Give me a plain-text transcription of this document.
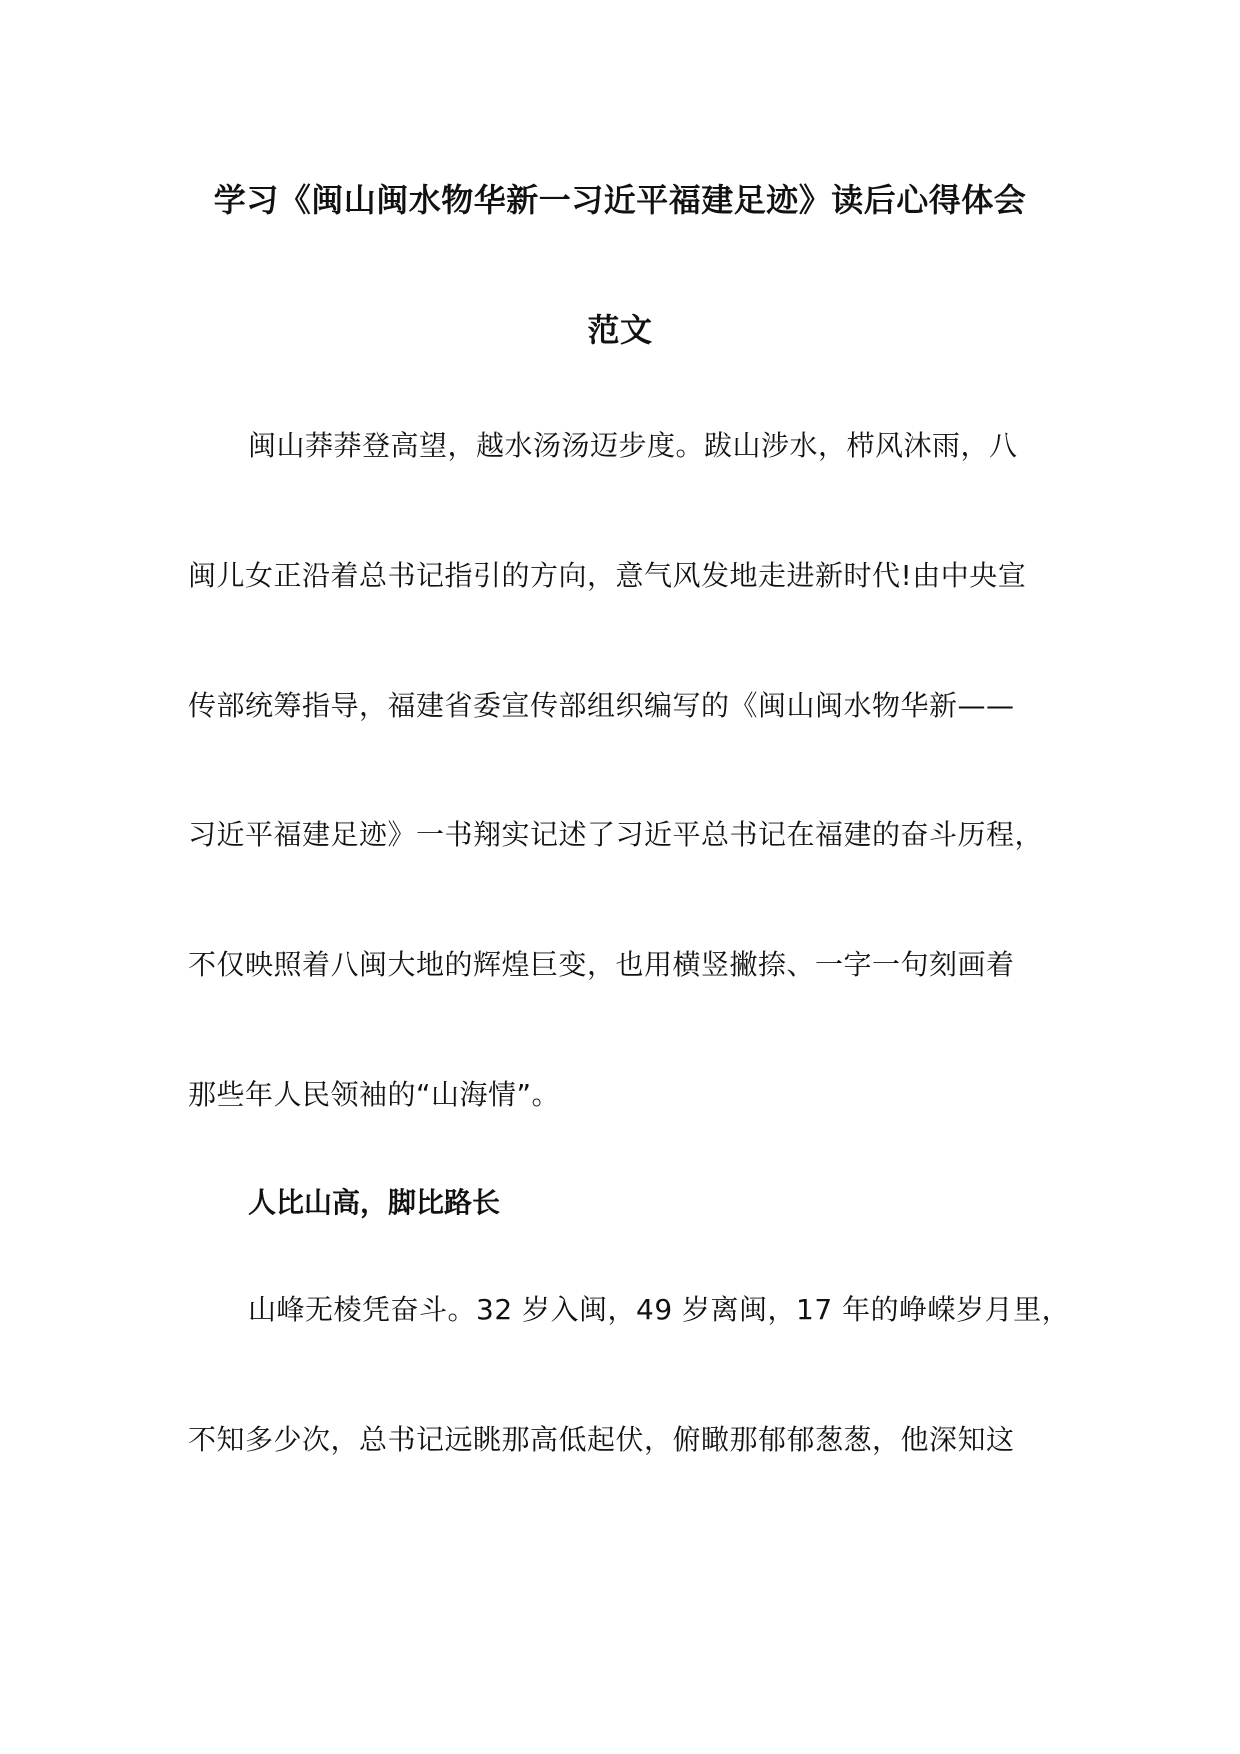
学习《闽山闽水物华新一习近平福建足迹》读后心得体会
范文
闽山莽莽登高望，越水汤汤迈步度。跋山涉水，栉风沐雨，八
闽儿女正沿着总书记指引的方向，意气风发地走进新时代!由中央宣
传部统筹指导，福建省委宣传部组织编写的《闽山闽水物华新——
习近平福建足迹》一书翔实记述了习近平总书记在福建的奋斗历程，
不仅映照着八闽大地的辉煌巨变，也用横竖撇捺、一字一句刻画着
那些年人民领袖的“山海情”。
人比山高，脚比路长
山峰无棱凭奋斗。32 岁入闽，49 岁离闽，17 年的峥嵘岁月里，
不知多少次，总书记远眺那高低起伏，俯瞰那郁郁葱葱，他深知这
